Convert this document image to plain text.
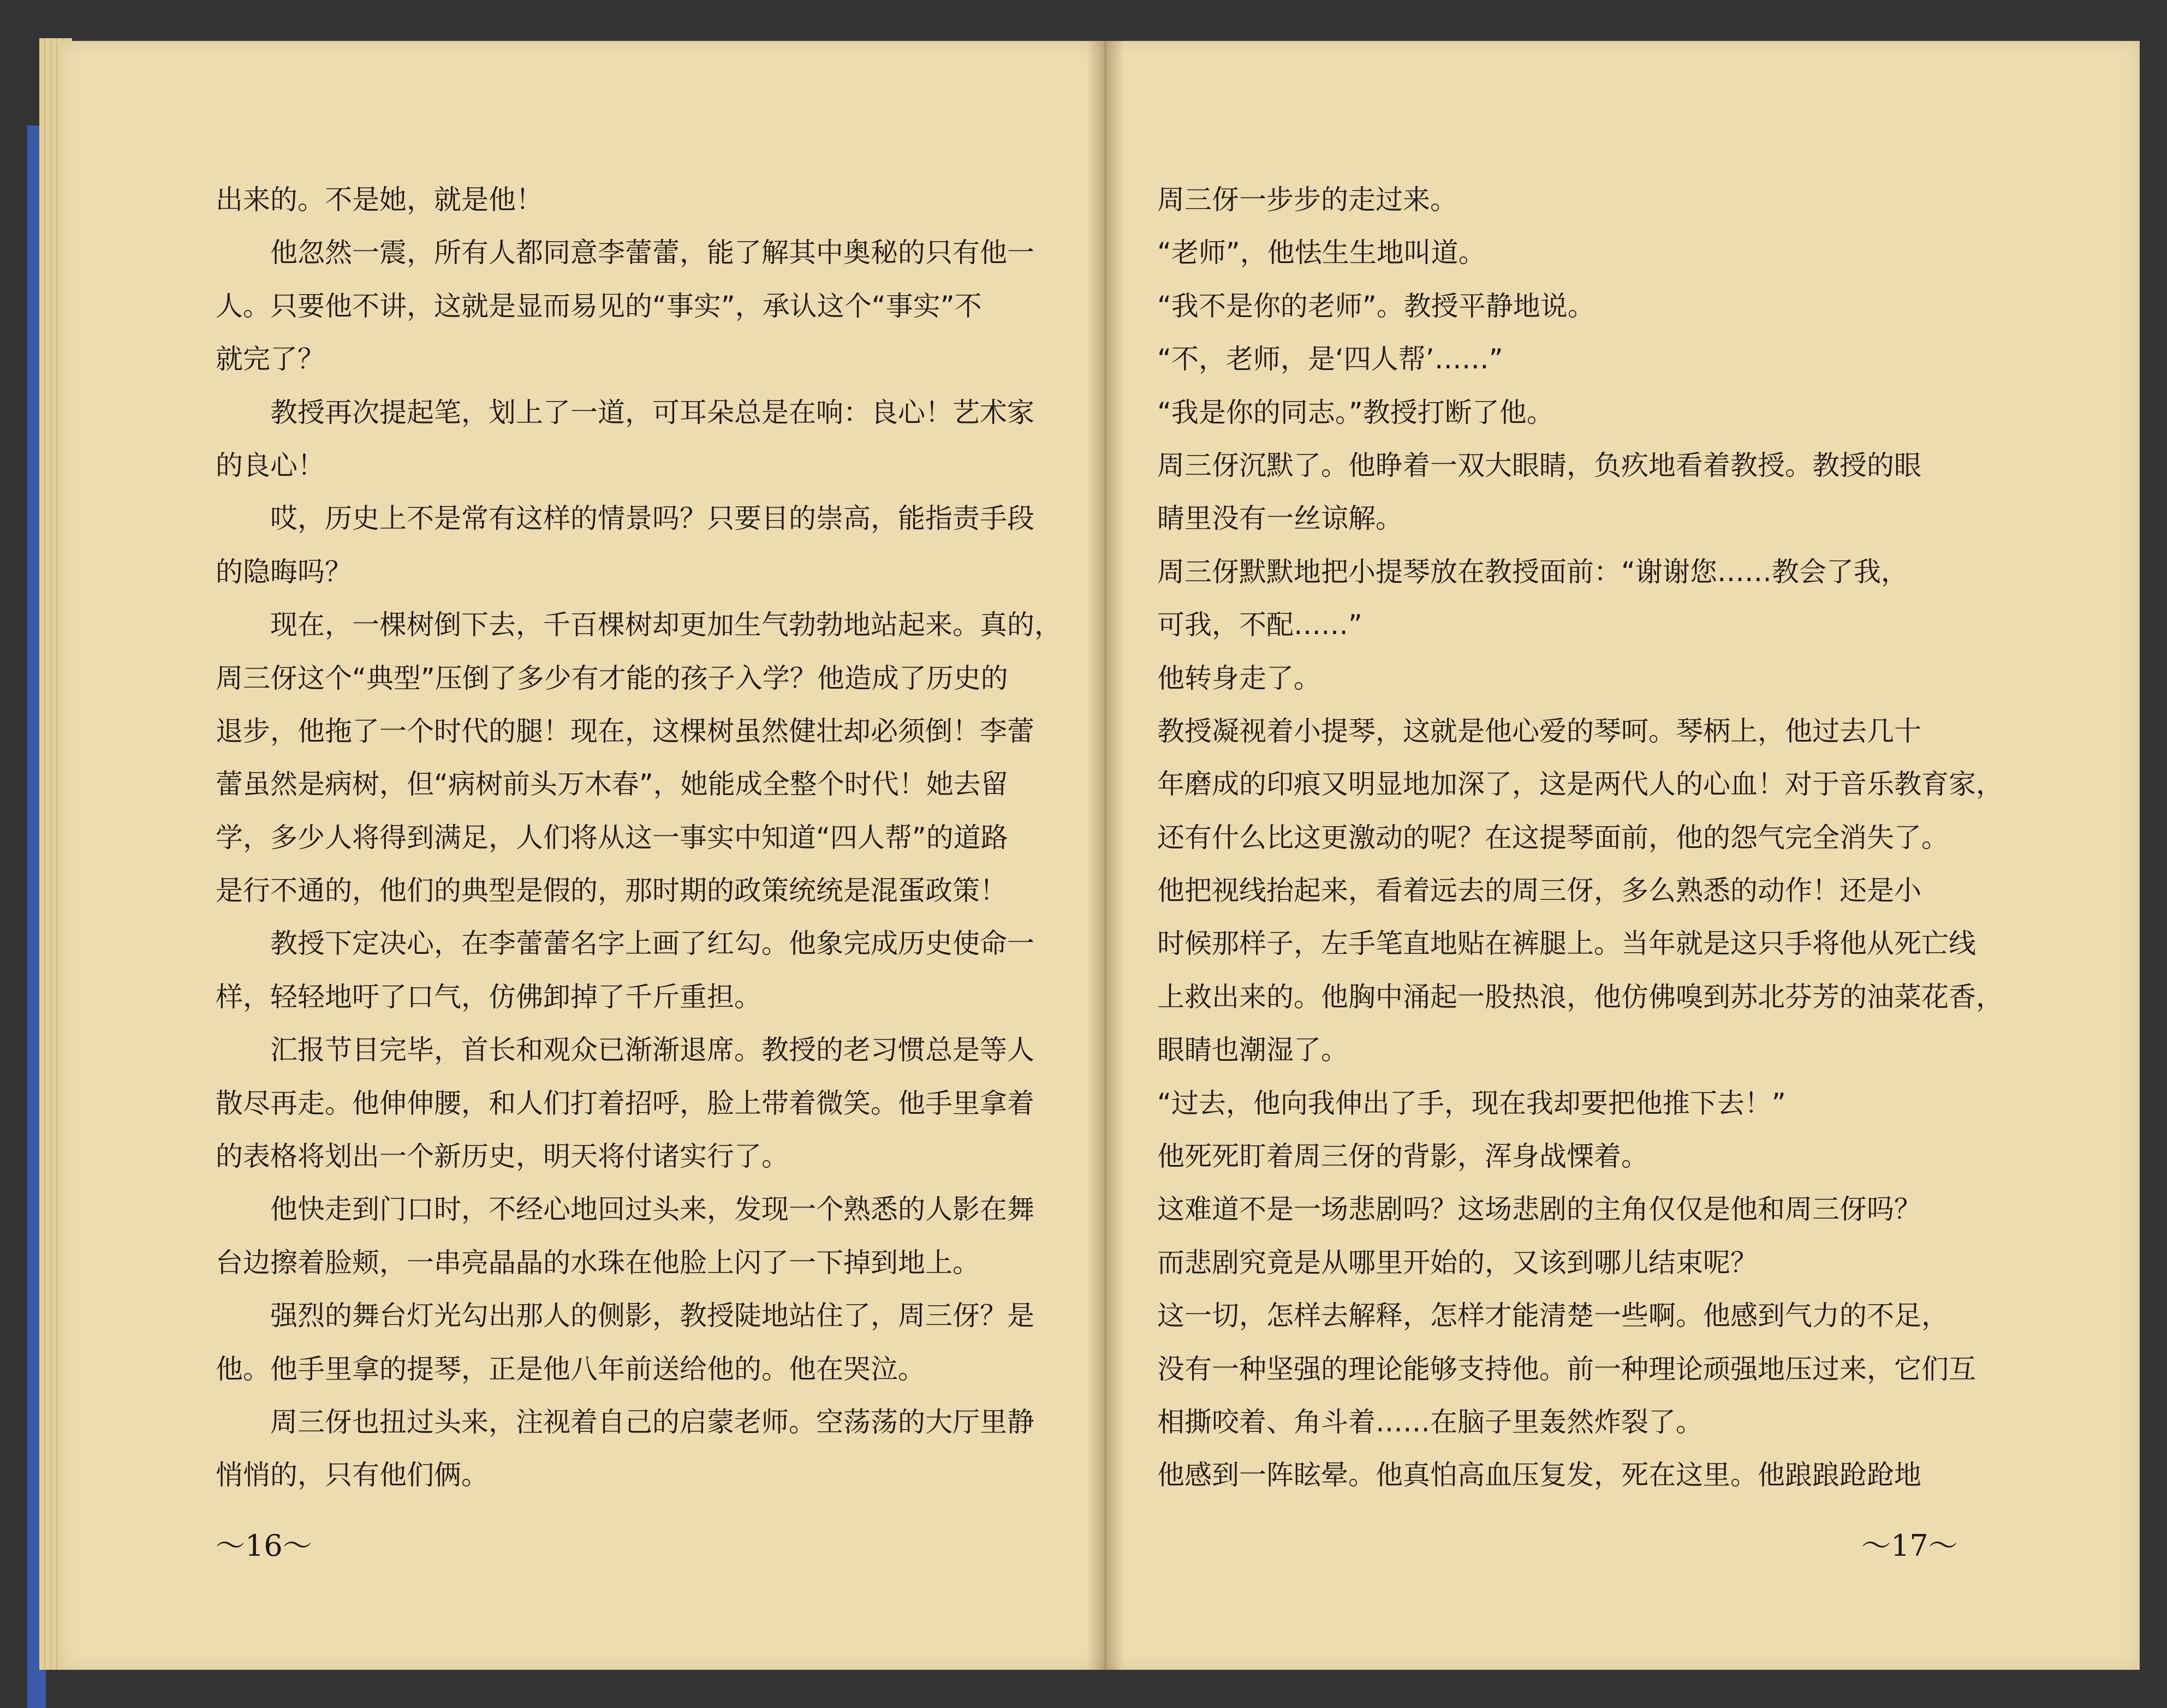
出来的。不是她，就是他！
　　他忽然一震，所有人都同意李蕾蕾，能了解其中奥秘的只有他一
人。只要他不讲，这就是显而易见的“事实”，承认这个“事实”不
就完了？
　　教授再次提起笔，划上了一道，可耳朵总是在响：良心！艺术家
的良心！
　　哎，历史上不是常有这样的情景吗？只要目的崇高，能指责手段
的隐晦吗？
　　现在，一棵树倒下去，千百棵树却更加生气勃勃地站起来。真的，
周三伢这个“典型”压倒了多少有才能的孩子入学？他造成了历史的
退步，他拖了一个时代的腿！现在，这棵树虽然健壮却必须倒！李蕾
蕾虽然是病树，但“病树前头万木春”，她能成全整个时代！她去留
学，多少人将得到满足，人们将从这一事实中知道“四人帮”的道路
是行不通的，他们的典型是假的，那时期的政策统统是混蛋政策！
　　教授下定决心，在李蕾蕾名字上画了红勾。他象完成历史使命一
样，轻轻地吁了口气，仿佛卸掉了千斤重担。
　　汇报节目完毕，首长和观众已渐渐退席。教授的老习惯总是等人
散尽再走。他伸伸腰，和人们打着招呼，脸上带着微笑。他手里拿着
的表格将划出一个新历史，明天将付诸实行了。
　　他快走到门口时，不经心地回过头来，发现一个熟悉的人影在舞
台边擦着脸颊，一串亮晶晶的水珠在他脸上闪了一下掉到地上。
　　强烈的舞台灯光勾出那人的侧影，教授陡地站住了，周三伢？是
他。他手里拿的提琴，正是他八年前送给他的。他在哭泣。
　　周三伢也扭过头来，注视着自己的启蒙老师。空荡荡的大厅里静
悄悄的，只有他们俩。
周三伢一步步的走过来。
“老师”，他怯生生地叫道。
“我不是你的老师”。教授平静地说。
“不，老师，是‘四人帮’……”
“我是你的同志。”教授打断了他。
周三伢沉默了。他睁着一双大眼睛，负疚地看着教授。教授的眼
睛里没有一丝谅解。
周三伢默默地把小提琴放在教授面前：“谢谢您……教会了我，
可我，不配……”
他转身走了。
教授凝视着小提琴，这就是他心爱的琴呵。琴柄上，他过去几十
年磨成的印痕又明显地加深了，这是两代人的心血！对于音乐教育家，
还有什么比这更激动的呢？在这提琴面前，他的怨气完全消失了。
他把视线抬起来，看着远去的周三伢，多么熟悉的动作！还是小
时候那样子，左手笔直地贴在裤腿上。当年就是这只手将他从死亡线
上救出来的。他胸中涌起一股热浪，他仿佛嗅到苏北芬芳的油菜花香，
眼睛也潮湿了。
“过去，他向我伸出了手，现在我却要把他推下去！”
他死死盯着周三伢的背影，浑身战慄着。
这难道不是一场悲剧吗？这场悲剧的主角仅仅是他和周三伢吗？
而悲剧究竟是从哪里开始的，又该到哪儿结束呢？
这一切，怎样去解释，怎样才能清楚一些啊。他感到气力的不足，
没有一种坚强的理论能够支持他。前一种理论顽强地压过来，它们互
相撕咬着、角斗着……在脑子里轰然炸裂了。
他感到一阵眩晕。他真怕高血压复发，死在这里。他踉踉跄跄地
～16～	～17～
